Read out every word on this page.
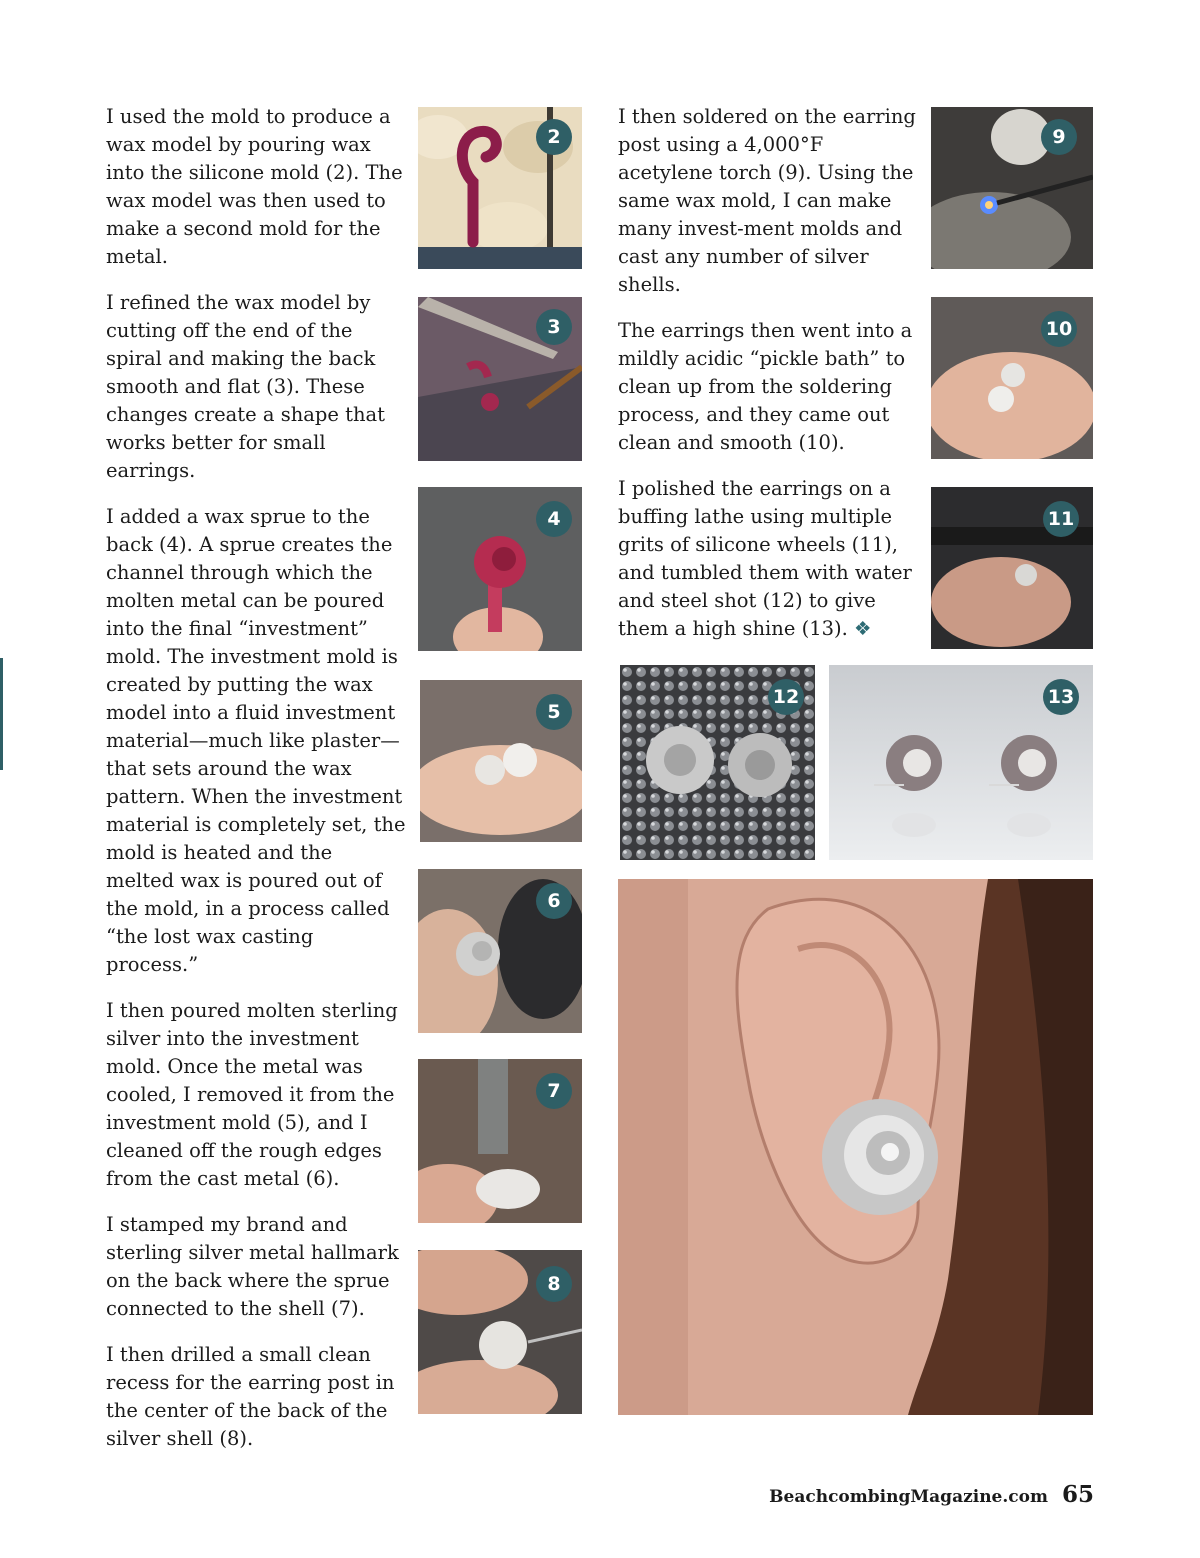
I used the mold to produce a wax model by pouring wax into the silicone mold (2). The wax model was then used to make a second mold for the metal.

I refined the wax model by cutting off the end of the spiral and making the back smooth and flat (3). These changes create a shape that works better for small earrings.

I added a wax sprue to the back (4). A sprue creates the channel through which the molten metal can be poured into the final “investment” mold. The investment mold is created by putting the wax model into a fluid investment material—much like plaster—that sets around the wax pattern. When the investment material is completely set, the mold is heated and the melted wax is poured out of the mold, in a process called “the lost wax casting process.”

I then poured molten sterling silver into the investment mold. Once the metal was cooled, I removed it from the investment mold (5), and I cleaned off the rough edges from the cast metal (6).

I stamped my brand and sterling silver metal hallmark on the back where the sprue connected to the shell (7).

I then drilled a small clean recess for the earring post in the center of the back of the silver shell (8).

I then soldered on the earring post using a 4,000°F acetylene torch (9). Using the same wax mold, I can make many invest-ment molds and cast any number of silver shells.

The earrings then went into a mildly acidic “pickle bath” to clean up from the soldering process, and they came out clean and smooth (10).

I polished the earrings on a buffing lathe using multiple grits of silicone wheels (11), and tumbled them with water and steel shot (12) to give them a high shine (13). ❖

2
3
4
5
6
7
8
9
10
11
12	13
BeachcombingMagazine.com 65
